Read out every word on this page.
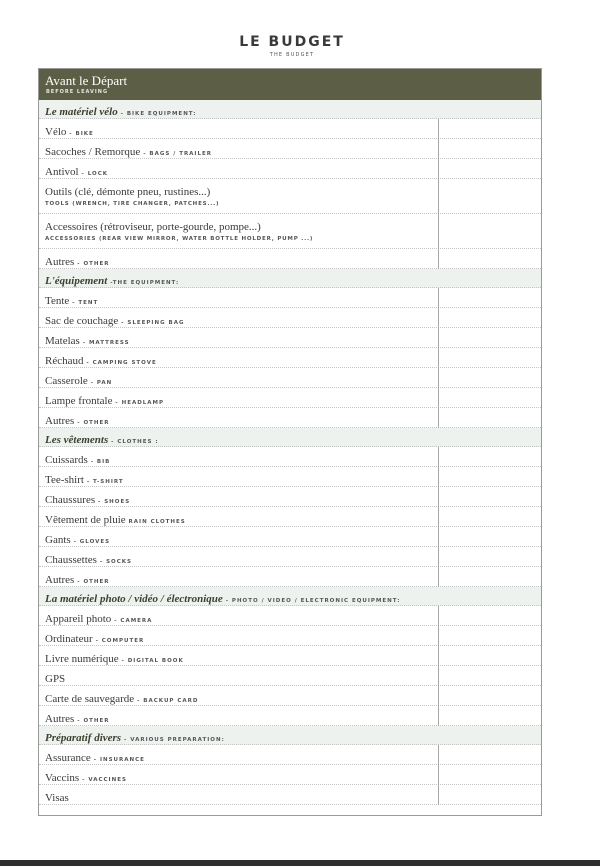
LE BUDGET
THE BUDGET
Avant le Départ
BEFORE LEAVING
Le matériel vélo - BIKE EQUIPMENT:
Vélo - BIKE
Sacoches / Remorque - BAGS / TRAILER
Antivol - LOCK
Outils (clé, démonte pneu, rustines...)
TOOLS (WRENCH, TIRE CHANGER, PATCHES...)
Accessoires (rétroviseur, porte-gourde, pompe...)
ACCESSORIES (REAR VIEW MIRROR, WATER BOTTLE HOLDER, PUMP ...)
Autres - OTHER
L'équipement -THE EQUIPMENT:
Tente - TENT
Sac de couchage - SLEEPING BAG
Matelas - MATTRESS
Réchaud - CAMPING STOVE
Casserole - PAN
Lampe frontale - HEADLAMP
Autres - OTHER
Les vêtements - CLOTHES :
Cuissards - BIB
Tee-shirt - T-SHIRT
Chaussures - SHOES
Vêtement de pluie RAIN CLOTHES
Gants - GLOVES
Chaussettes - SOCKS
Autres - OTHER
La matériel photo / vidéo / électronique - PHOTO / VIDEO / ELECTRONIC EQUIPMENT:
Appareil photo - CAMERA
Ordinateur - COMPUTER
Livre numérique - DIGITAL BOOK
GPS
Carte de sauvegarde - BACKUP CARD
Autres - OTHER
Préparatif divers - VARIOUS PREPARATION:
Assurance - INSURANCE
Vaccins - VACCINES
Visas
